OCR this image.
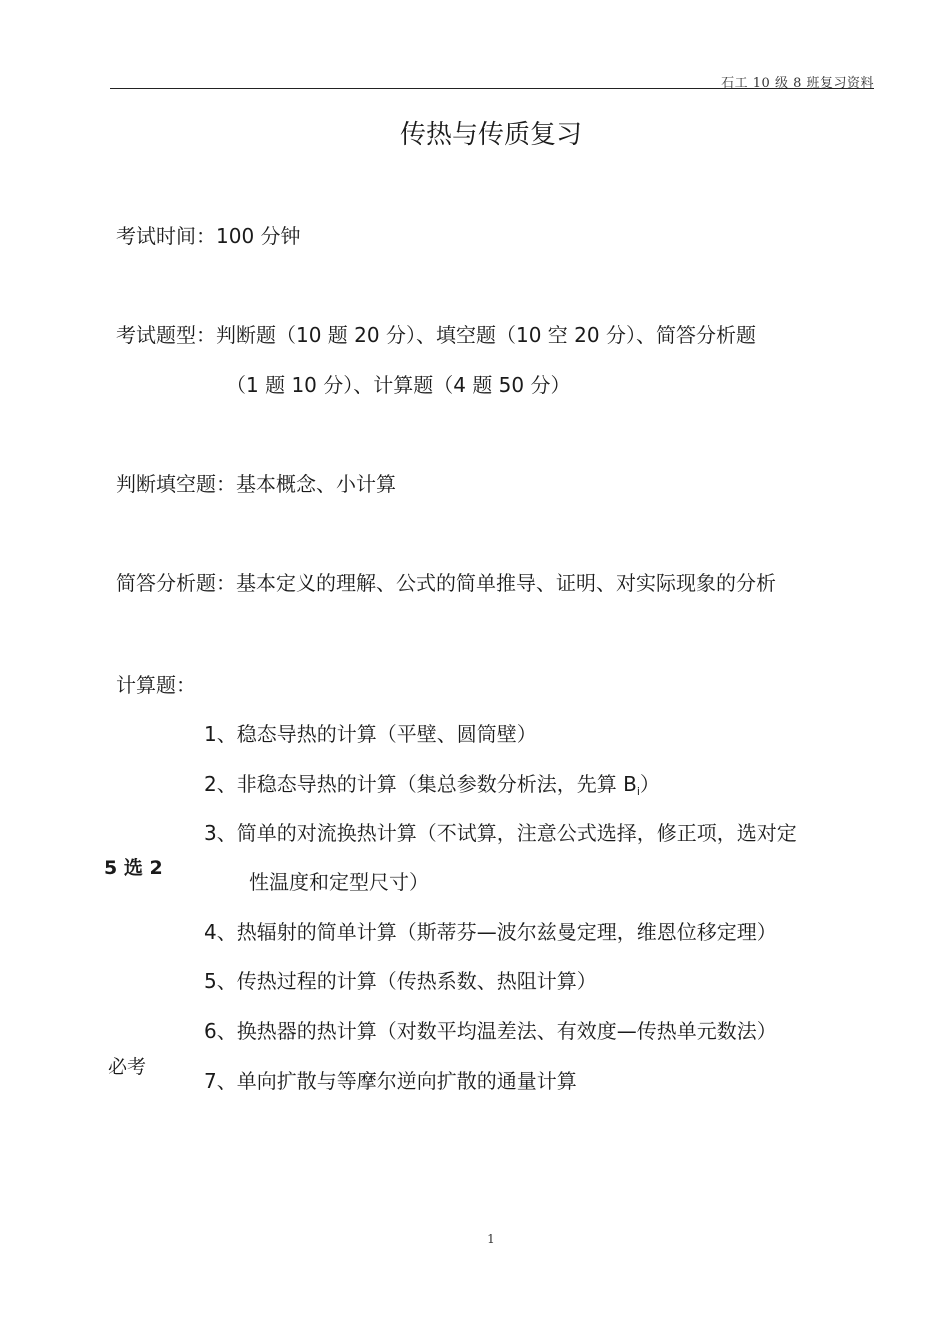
石工 10 级 8 班复习资料
传热与传质复习
考试时间：100 分钟
考试题型：判断题（10 题 20 分）、填空题（10 空 20 分）、简答分析题
（1 题 10 分）、计算题（4 题 50 分）
判断填空题：基本概念、小计算
简答分析题：基本定义的理解、公式的简单推导、证明、对实际现象的分析
计算题：
1、稳态导热的计算（平壁、圆筒壁）
2、非稳态导热的计算（集总参数分析法，先算 $B_i$）
3、简单的对流换热计算（不试算，注意公式选择，修正项，选对定
性温度和定型尺寸）
5 选 2
4、热辐射的简单计算（斯蒂芬—波尔兹曼定理，维恩位移定理）
5、传热过程的计算（传热系数、热阻计算）
6、换热器的热计算（对数平均温差法、有效度—传热单元数法）
必考
7、单向扩散与等摩尔逆向扩散的通量计算
1
